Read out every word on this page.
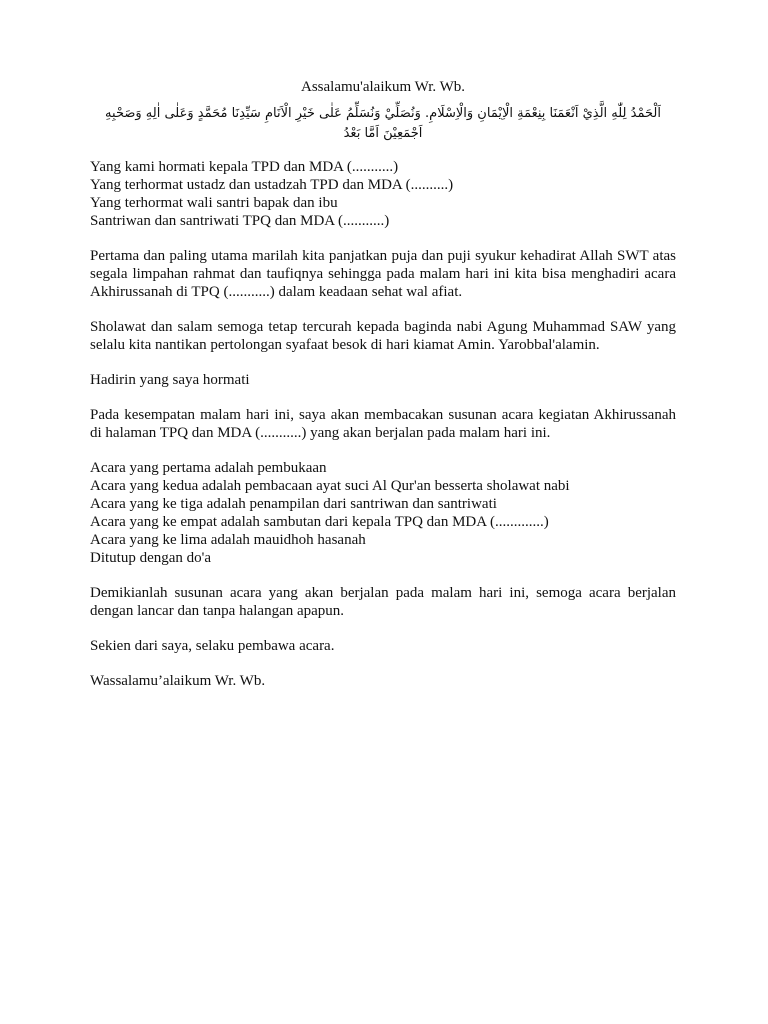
Assalamu'alaikum Wr. Wb.
اَلْحَمْدُ لِلّٰهِ الَّذِيْ اَنْعَمَنَا بِنِعْمَةِ الْاِيْمَانِ وَالْاِسْلَامِ. وَنُصَلِّيْ وَنُسَلِّمُ عَلٰى خَيْرِ الْاَنَامِ سَيِّدِنَا مُحَمَّدٍ وَعَلٰى اٰلِهِ وَصَحْبِهِ اَجْمَعِيْنَ اَمَّا بَعْدُ
Yang kami hormati kepala TPD dan MDA (...........)
Yang terhormat ustadz dan ustadzah TPD dan MDA (..........)
Yang terhormat wali santri bapak dan ibu
Santriwan dan santriwati TPQ dan MDA (...........)
Pertama dan paling utama marilah kita panjatkan puja dan puji syukur kehadirat Allah SWT atas segala limpahan rahmat dan taufiqnya sehingga pada malam hari ini kita bisa menghadiri acara Akhirussanah di TPQ (...........) dalam keadaan sehat wal afiat.
Sholawat dan salam semoga tetap tercurah kepada baginda nabi Agung Muhammad SAW yang selalu kita nantikan pertolongan syafaat besok di hari kiamat Amin. Yarobbal'alamin.
Hadirin yang saya hormati
Pada kesempatan malam hari ini, saya akan membacakan susunan acara kegiatan Akhirussanah di halaman TPQ dan MDA (...........) yang akan berjalan pada malam hari ini.
Acara yang pertama adalah pembukaan
Acara yang kedua adalah pembacaan ayat suci Al Qur'an besserta sholawat nabi
Acara yang ke tiga adalah penampilan dari santriwan dan santriwati
Acara yang ke empat adalah sambutan dari kepala TPQ dan MDA (.............)
Acara yang ke lima adalah mauidhoh hasanah
Ditutup dengan do'a
Demikianlah susunan acara yang akan berjalan pada malam hari ini, semoga acara berjalan dengan lancar dan tanpa halangan apapun.
Sekien dari saya, selaku pembawa acara.
Wassalamu’alaikum Wr. Wb.
